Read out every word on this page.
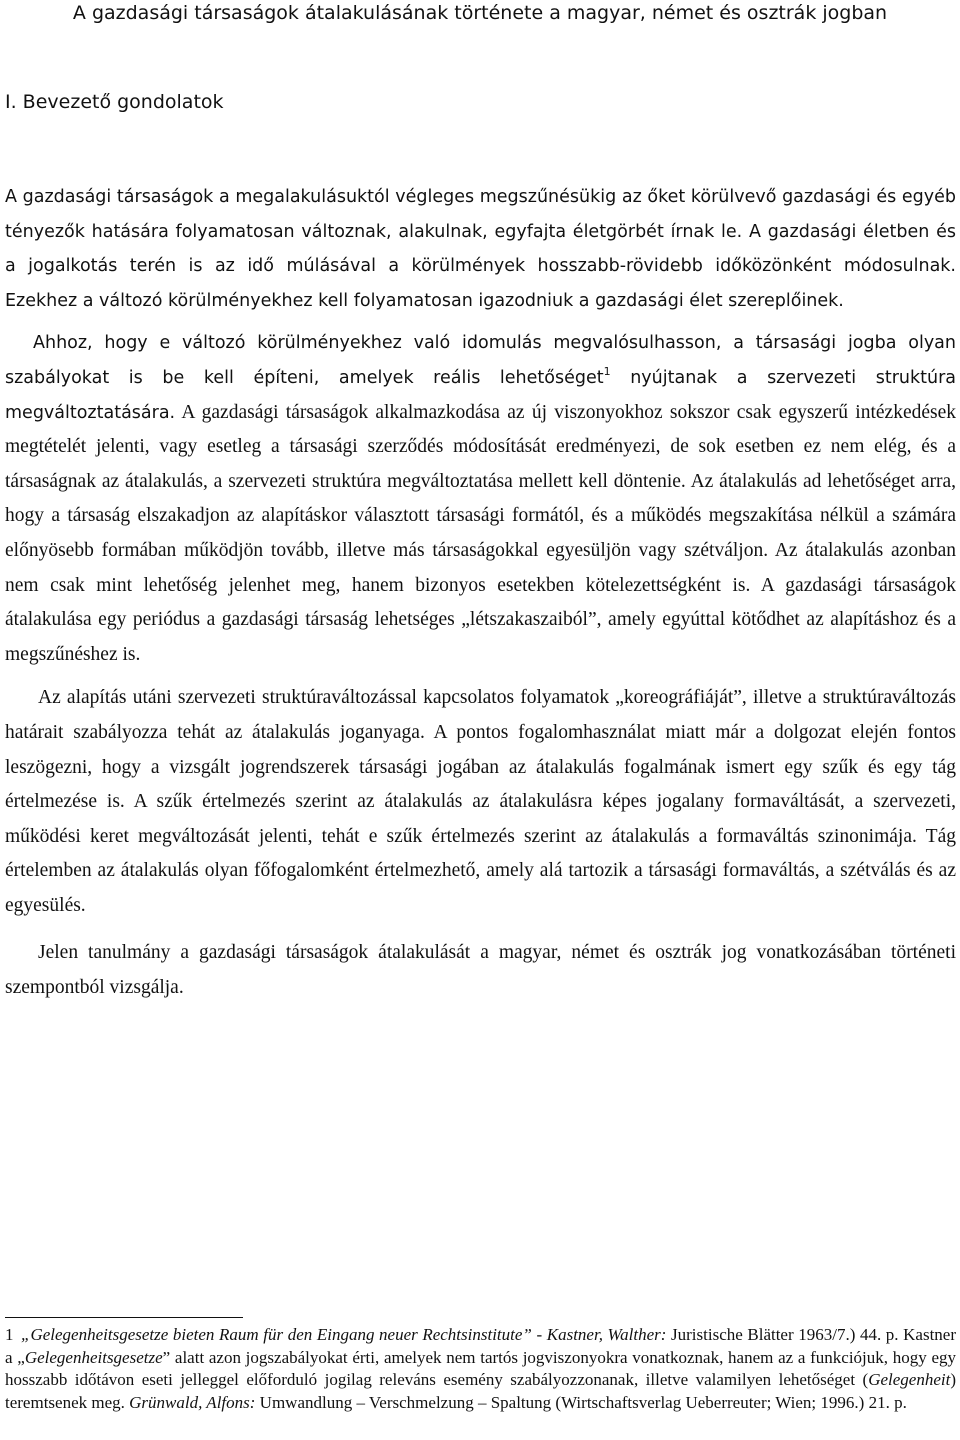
A gazdasági társaságok átalakulásának története a magyar, német és osztrák jogban
I. Bevezető gondolatok

A gazdasági társaságok a megalakulásuktól végleges megszűnésükig az őket körülvevő gazdasági és egyéb tényezők hatására folyamatosan változnak, alakulnak, egyfajta életgörbét írnak le. A gazdasági életben és a jogalkotás terén is az idő múlásával a körülmények hosszabb-rövidebb időközönként módosulnak. Ezekhez a változó körülményekhez kell folyamatosan igazodniuk a gazdasági élet szereplőinek.

Ahhoz, hogy e változó körülményekhez való idomulás megvalósulhasson, a társasági jogba olyan szabályokat is be kell építeni, amelyek reális lehetőséget$^1$ nyújtanak a szervezeti struktúra megváltoztatására. A gazdasági társaságok alkalmazkodása az új viszonyokhoz sokszor csak egyszerű intézkedések megtételét jelenti, vagy esetleg a társasági szerződés módosítását eredményezi, de sok esetben ez nem elég, és a társaságnak az átalakulás, a szervezeti struktúra megváltoztatása mellett kell döntenie. Az átalakulás ad lehetőséget arra, hogy a társaság elszakadjon az alapításkor választott társasági formától, és a működés megszakítása nélkül a számára előnyösebb formában működjön tovább, illetve más társaságokkal egyesüljön vagy szétváljon. Az átalakulás azonban nem csak mint lehetőség jelenhet meg, hanem bizonyos esetekben kötelezettségként is. A gazdasági társaságok átalakulása egy periódus a gazdasági társaság lehetséges „létszakaszaiból”, amely egyúttal kötődhet az alapításhoz és a megszűnéshez is.

Az alapítás utáni szervezeti struktúraváltozással kapcsolatos folyamatok „koreográfiáját”, illetve a struktúraváltozás határait szabályozza tehát az átalakulás joganyaga. A pontos fogalomhasználat miatt már a dolgozat elején fontos leszögezni, hogy a vizsgált jogrendszerek társasági jogában az átalakulás fogalmának ismert egy szűk és egy tág értelmezése is. A szűk értelmezés szerint az átalakulás az átalakulásra képes jogalany formaváltását, a szervezeti, működési keret megváltozását jelenti, tehát e szűk értelmezés szerint az átalakulás a formaváltás szinonimája. Tág értelemben az átalakulás olyan főfogalomként értelmezhető, amely alá tartozik a társasági formaváltás, a szétválás és az egyesülés.

Jelen tanulmány a gazdasági társaságok átalakulását a magyar, német és osztrák jog vonatkozásában történeti szempontból vizsgálja.

1 „Gelegenheitsgesetze bieten Raum für den Eingang neuer Rechtsinstitute” - Kastner, Walther: Juristische Blätter 1963/7.) 44. p. Kastner a „Gelegenheitsgesetze” alatt azon jogszabályokat érti, amelyek nem tartós jogviszonyokra vonatkoznak, hanem az a funkciójuk, hogy egy hosszabb időtávon eseti jelleggel előforduló jogilag releváns esemény szabályozzonanak, illetve valamilyen lehetőséget (Gelegenheit) teremtsenek meg. Grünwald, Alfons: Umwandlung – Verschmelzung – Spaltung (Wirtschaftsverlag Ueberreuter; Wien; 1996.) 21. p.
